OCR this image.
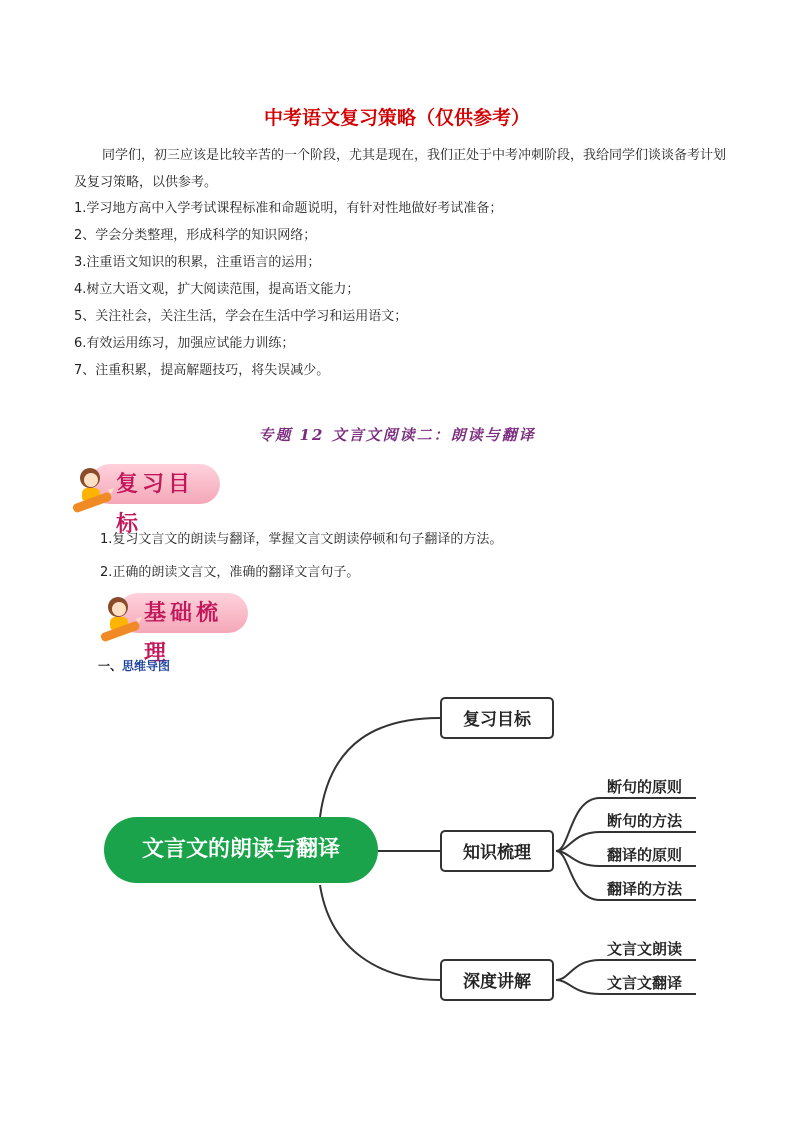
中考语文复习策略（仅供参考）
同学们，初三应该是比较辛苦的一个阶段，尤其是现在，我们正处于中考冲刺阶段，我给同学们谈谈备考计划及复习策略，以供参考。
1.学习地方高中入学考试课程标准和命题说明，有针对性地做好考试准备；
2、学会分类整理，形成科学的知识网络；
3.注重语文知识的积累，注重语言的运用；
4.树立大语文观，扩大阅读范围，提高语文能力；
5、关注社会，关注生活，学会在生活中学习和运用语文；
6.有效运用练习，加强应试能力训练；
7、注重积累，提高解题技巧，将失误减少。
专题 12 文言文阅读二：朗读与翻译
复习目标
1.复习文言文的朗读与翻译，掌握文言文朗读停顿和句子翻译的方法。
2.正确的朗读文言文，准确的翻译文言句子。
基础梳理
一、思维导图
文言文的朗读与翻译
复习目标
知识梳理
深度讲解
断句的原则
断句的方法
翻译的原则
翻译的方法
文言文朗读
文言文翻译
